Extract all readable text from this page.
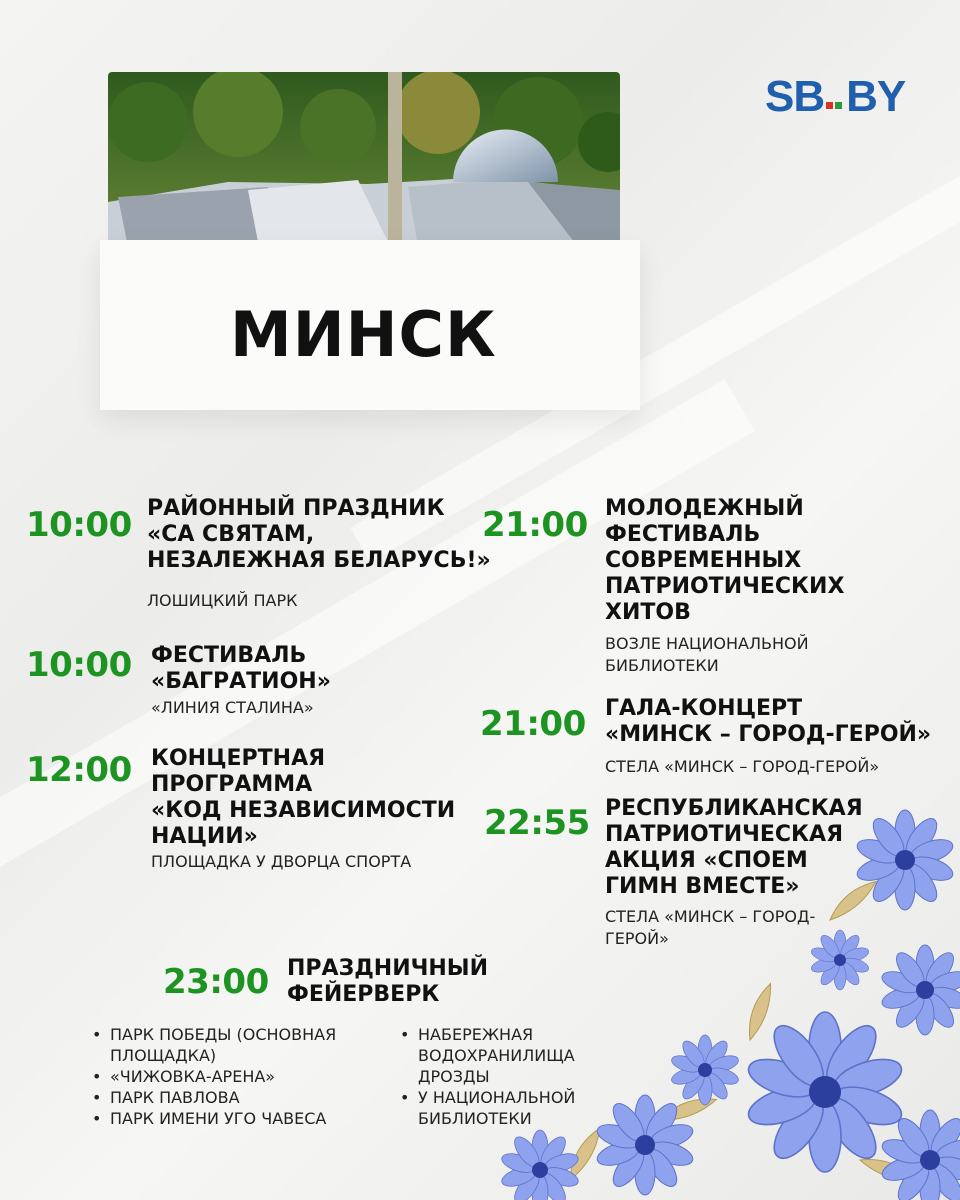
МИНСК
SB BY
10:00 РАЙОННЫЙ ПРАЗДНИК
«СА СВЯТАМ,
НЕЗАЛЕЖНАЯ БЕЛАРУСЬ!»
ЛОШИЦКИЙ ПАРК
10:00 ФЕСТИВАЛЬ
«БАГРАТИОН»
«ЛИНИЯ СТАЛИНА»
12:00 КОНЦЕРТНАЯ
ПРОГРАММА
«КОД НЕЗАВИСИМОСТИ
НАЦИИ»
ПЛОЩАДКА У ДВОРЦА СПОРТА
21:00 МОЛОДЕЖНЫЙ
ФЕСТИВАЛЬ
СОВРЕМЕННЫХ
ПАТРИОТИЧЕСКИХ
ХИТОВ
ВОЗЛЕ НАЦИОНАЛЬНОЙ
БИБЛИОТЕКИ
21:00 ГАЛА-КОНЦЕРТ
«МИНСК – ГОРОД-ГЕРОЙ»
СТЕЛА «МИНСК – ГОРОД-ГЕРОЙ»
22:55 РЕСПУБЛИКАНСКАЯ
ПАТРИОТИЧЕСКАЯ
АКЦИЯ «СПОЕМ
ГИМН ВМЕСТЕ»
СТЕЛА «МИНСК – ГОРОД-
ГЕРОЙ»
23:00 ПРАЗДНИЧНЫЙ
ФЕЙЕРВЕРК
• ПАРК ПОБЕДЫ (ОСНОВНАЯ
ПЛОЩАДКА)
• «ЧИЖОВКА-АРЕНА»
• ПАРК ПАВЛОВА
• ПАРК ИМЕНИ УГО ЧАВЕСА
• НАБЕРЕЖНАЯ
ВОДОХРАНИЛИЩА
ДРОЗДЫ
• У НАЦИОНАЛЬНОЙ
БИБЛИОТЕКИ
